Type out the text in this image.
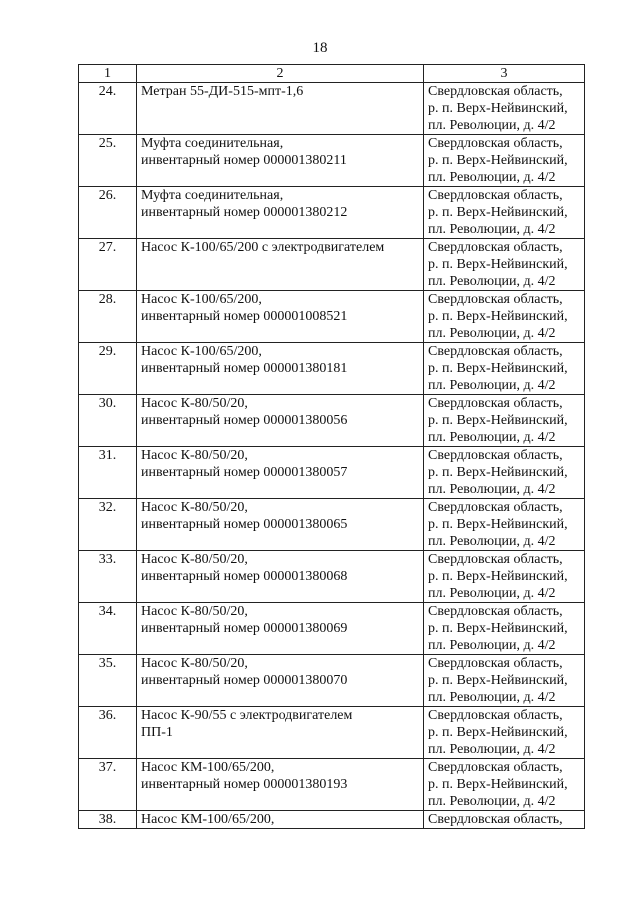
18
1	2	3
24.	Метран 55-ДИ-515-мпт-1,6	Свердловская область,
р. п. Верх-Нейвинский,
пл. Революции, д. 4/2

25.	Муфта соединительная,
инвентарный номер 000001380211	Свердловская область,
р. п. Верх-Нейвинский,
пл. Революции, д. 4/2

26.	Муфта соединительная,
инвентарный номер 000001380212	Свердловская область,
р. п. Верх-Нейвинский,
пл. Революции, д. 4/2

27.	Насос К-100/65/200 с электродвигателем	Свердловская область,
р. п. Верх-Нейвинский,
пл. Революции, д. 4/2

28.	Насос К-100/65/200,
инвентарный номер 000001008521	Свердловская область,
р. п. Верх-Нейвинский,
пл. Революции, д. 4/2

29.	Насос К-100/65/200,
инвентарный номер 000001380181	Свердловская область,
р. п. Верх-Нейвинский,
пл. Революции, д. 4/2

30.	Насос К-80/50/20,
инвентарный номер 000001380056	Свердловская область,
р. п. Верх-Нейвинский,
пл. Революции, д. 4/2

31.	Насос К-80/50/20,
инвентарный номер 000001380057	Свердловская область,
р. п. Верх-Нейвинский,
пл. Революции, д. 4/2

32.	Насос К-80/50/20,
инвентарный номер 000001380065	Свердловская область,
р. п. Верх-Нейвинский,
пл. Революции, д. 4/2

33.	Насос К-80/50/20,
инвентарный номер 000001380068	Свердловская область,
р. п. Верх-Нейвинский,
пл. Революции, д. 4/2

34.	Насос К-80/50/20,
инвентарный номер 000001380069	Свердловская область,
р. п. Верх-Нейвинский,
пл. Революции, д. 4/2

35.	Насос К-80/50/20,
инвентарный номер 000001380070	Свердловская область,
р. п. Верх-Нейвинский,
пл. Революции, д. 4/2

36.	Насос К-90/55 с электродвигателем
ПП-1	Свердловская область,
р. п. Верх-Нейвинский,
пл. Революции, д. 4/2

37.	Насос КМ-100/65/200,
инвентарный номер 000001380193	Свердловская область,
р. п. Верх-Нейвинский,
пл. Революции, д. 4/2

38.	Насос КМ-100/65/200,	Свердловская область,
